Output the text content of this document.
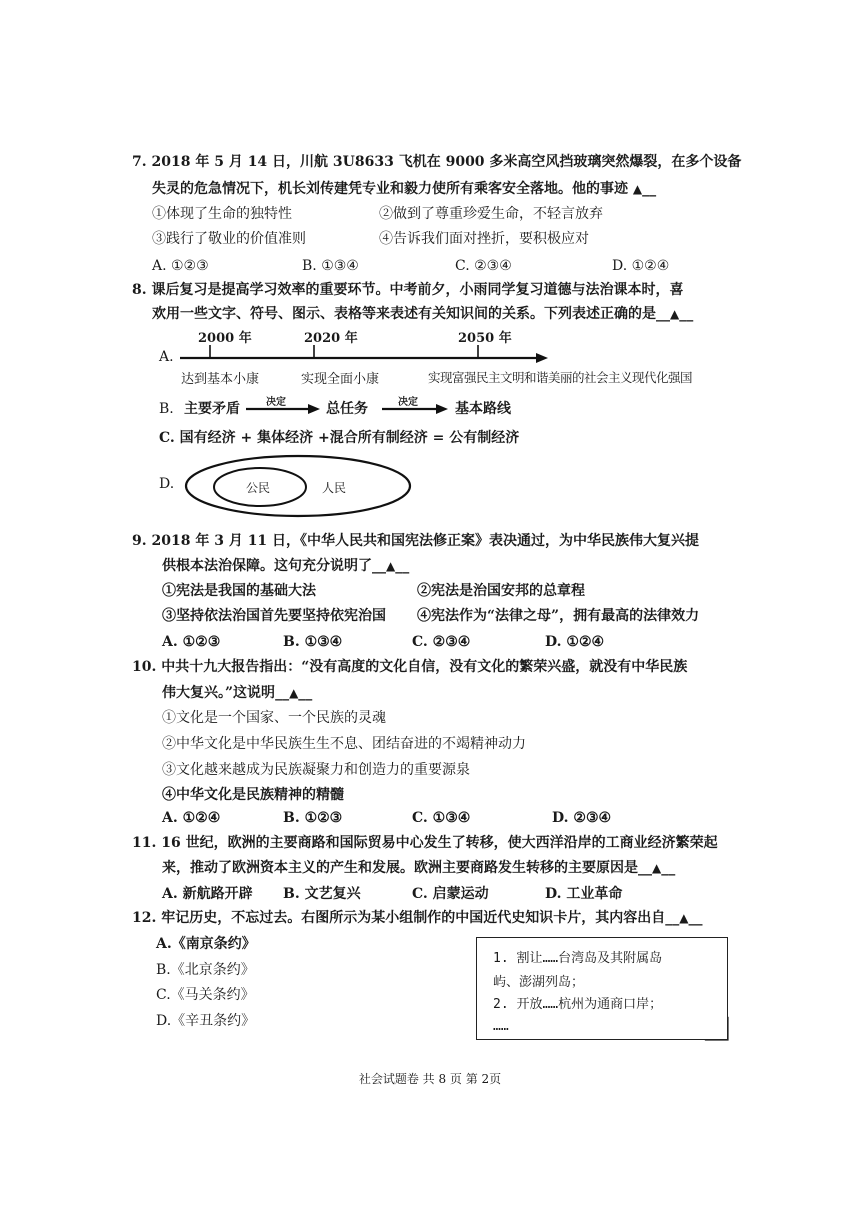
7. 2018 年 5 月 14 日，川航 3U8633 飞机在 9000 多米高空风挡玻璃突然爆裂，在多个设备
失灵的危急情况下，机长刘传建凭专业和毅力使所有乘客安全落地。他的事迹 ▲__
①体现了生命的独特性	②做到了尊重珍爱生命，不轻言放弃
③践行了敬业的价值准则	④告诉我们面对挫折，要积极应对
A. ①②③	B. ①③④	C. ②③④	D. ①②④
8. 课后复习是提高学习效率的重要环节。中考前夕，小雨同学复习道德与法治课本时，喜
欢用一些文字、符号、图示、表格等来表述有关知识间的关系。下列表述正确的是__▲__
A.
2000 年	2020 年	2050 年
达到基本小康	实现全面小康	实现富强民主文明和谐美丽的社会主义现代化强国
B. 主要矛盾	决定	总任务	决定	基本路线
C. 国有经济 + 集体经济 +混合所有制经济 = 公有制经济
D.	公民	人民
9. 2018 年 3 月 11 日，《中华人民共和国宪法修正案》表决通过，为中华民族伟大复兴提
供根本法治保障。这句充分说明了__▲__
①宪法是我国的基础大法	②宪法是治国安邦的总章程
③坚持依法治国首先要坚持依宪治国 ④宪法作为“法律之母”，拥有最高的法律效力
A. ①②③	B. ①③④	C. ②③④	D. ①②④
10. 中共十九大报告指出：“没有高度的文化自信，没有文化的繁荣兴盛，就没有中华民族
伟大复兴。”这说明__▲__
①文化是一个国家、一个民族的灵魂
②中华文化是中华民族生生不息、团结奋进的不竭精神动力
③文化越来越成为民族凝聚力和创造力的重要源泉
④中华文化是民族精神的精髓
A. ①②④	B. ①②③	C. ①③④	D. ②③④
11. 16 世纪，欧洲的主要商路和国际贸易中心发生了转移，使大西洋沿岸的工商业经济繁荣起
来，推动了欧洲资本主义的产生和发展。欧洲主要商路发生转移的主要原因是__▲__
A. 新航路开辟 B. 文艺复兴	C. 启蒙运动	D. 工业革命
12. 牢记历史，不忘过去。右图所示为某小组制作的中国近代史知识卡片，其内容出自__▲__
A.《南京条约》
B.《北京条约》
C.《马关条约》
D.《辛丑条约》
1. 割让……台湾岛及其附属岛
屿、澎湖列岛；
2. 开放……杭州为通商口岸；
……
社会试题卷 共 8 页 第 2页
